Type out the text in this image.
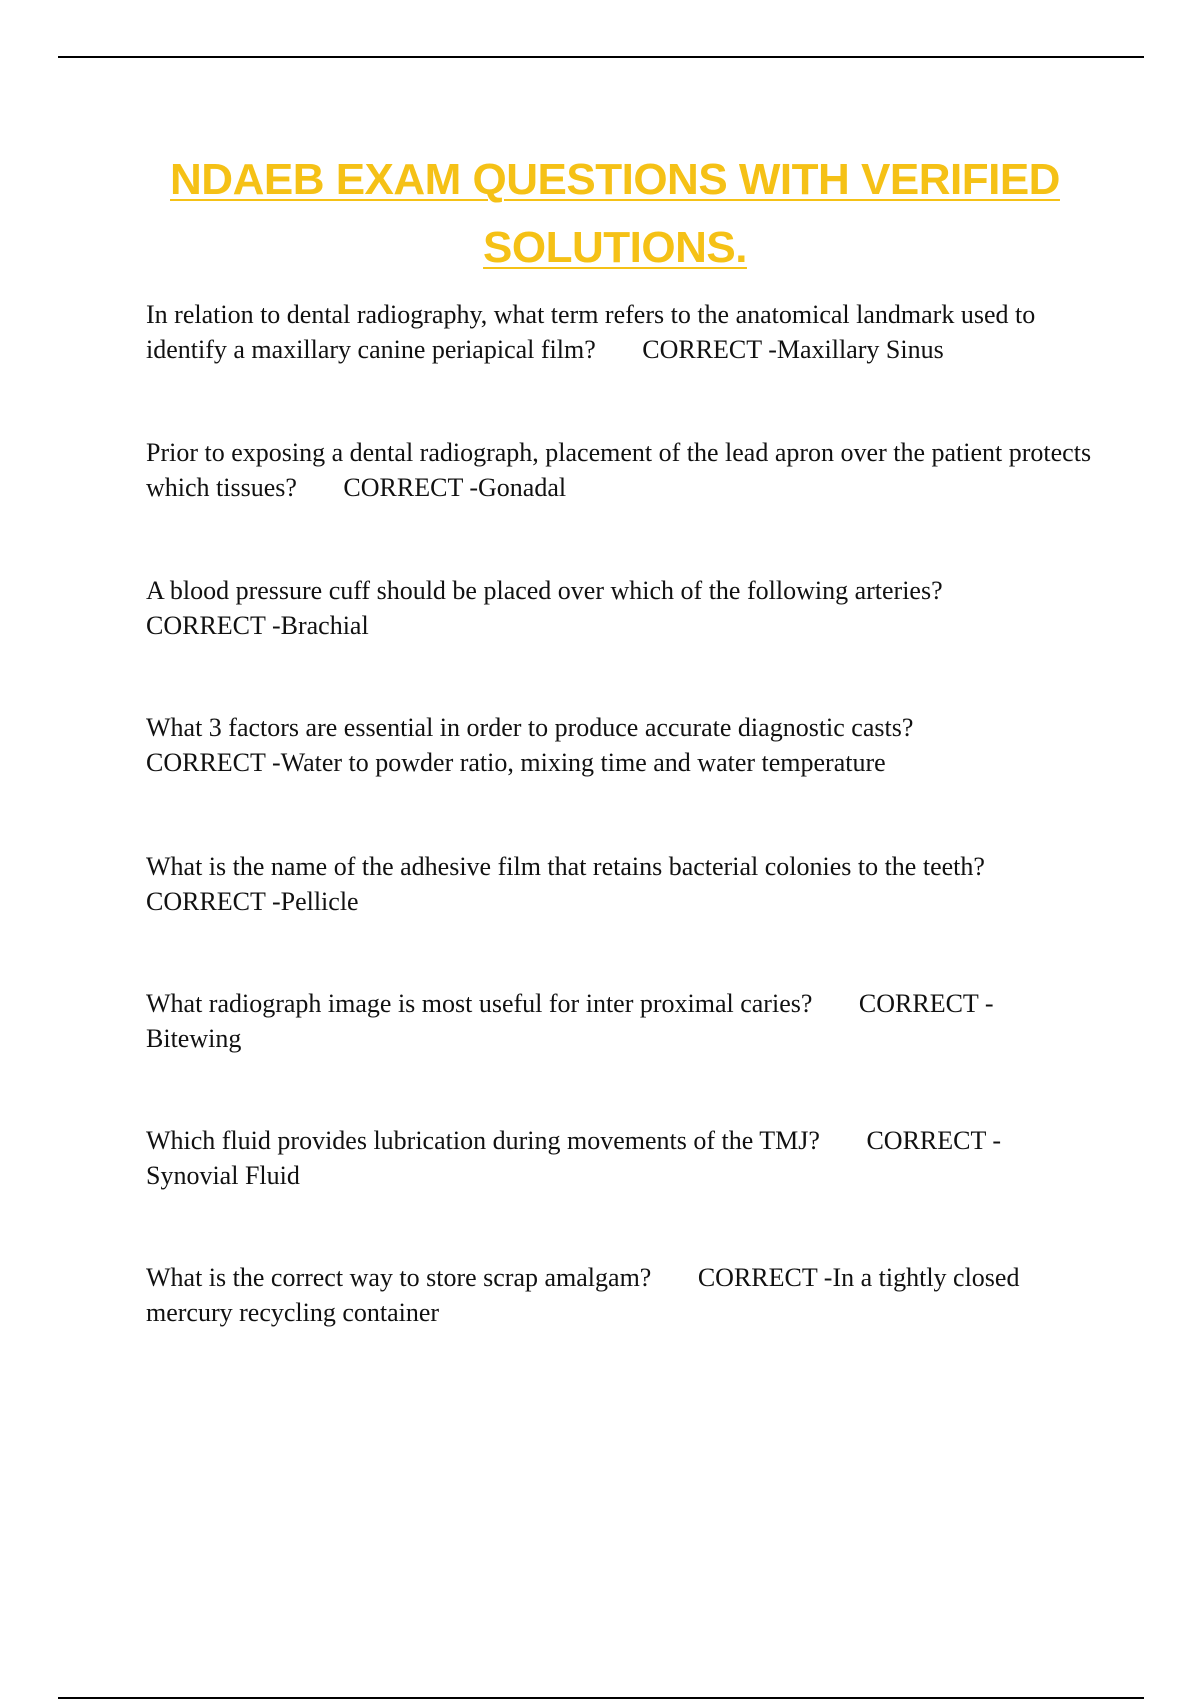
NDAEB EXAM QUESTIONS WITH VERIFIED
SOLUTIONS.

In relation to dental radiography, what term refers to the anatomical landmark used to identify a maxillary canine periapical film? CORRECT -Maxillary Sinus

Prior to exposing a dental radiograph, placement of the lead apron over the patient protects which tissues? CORRECT -Gonadal

A blood pressure cuff should be placed over which of the following arteries?
CORRECT -Brachial

What 3 factors are essential in order to produce accurate diagnostic casts?
CORRECT -Water to powder ratio, mixing time and water temperature

What is the name of the adhesive film that retains bacterial colonies to the teeth?
CORRECT -Pellicle

What radiograph image is most useful for inter proximal caries? CORRECT -
Bitewing

Which fluid provides lubrication during movements of the TMJ? CORRECT -
Synovial Fluid

What is the correct way to store scrap amalgam? CORRECT -In a tightly closed mercury recycling container
